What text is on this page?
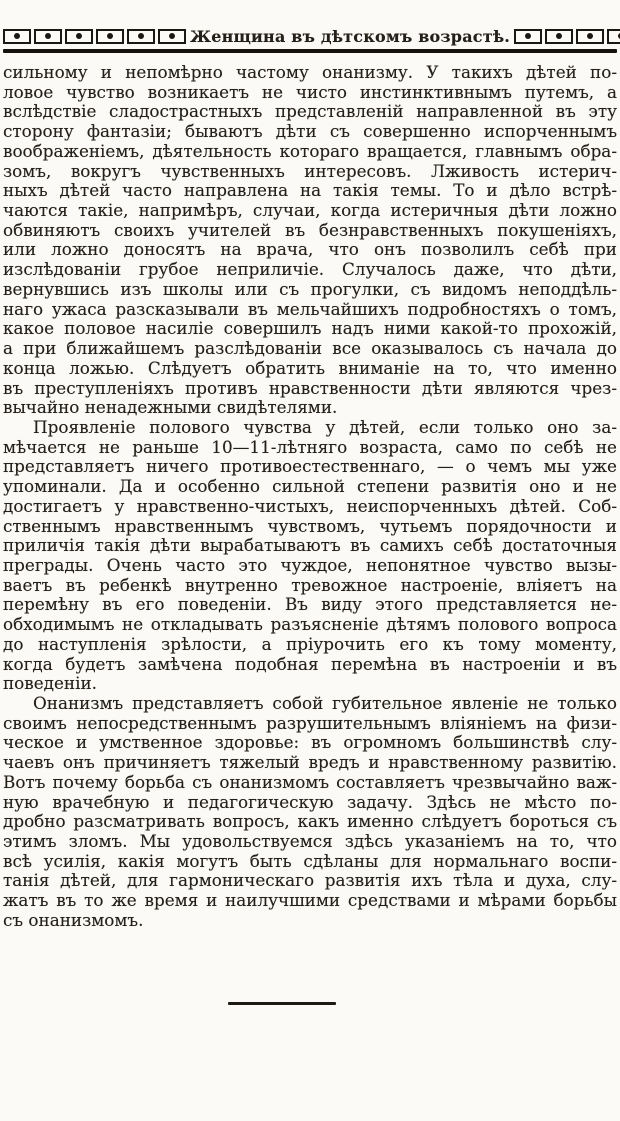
Женщина въ дѣтскомъ возрастѣ.
сильному и непомѣрно частому онанизму. У такихъ дѣтей по-
ловое чувство возникаетъ не чисто инстинктивнымъ путемъ, а
вслѣдствіе сладострастныхъ представленій направленной въ эту
сторону фантазіи; бываютъ дѣти съ совершенно испорченнымъ
воображеніемъ, дѣятельность котораго вращается, главнымъ обра-
зомъ, вокругъ чувственныхъ интересовъ. Лживость истерич-
ныхъ дѣтей часто направлена на такія темы. То и дѣло встрѣ-
чаются такіе, напримѣръ, случаи, когда истеричныя дѣти ложно
обвиняютъ своихъ учителей въ безнравственныхъ покушеніяхъ,
или ложно доносятъ на врача, что онъ позволилъ себѣ при
изслѣдованіи грубое неприличіе. Случалось даже, что дѣти,
вернувшись изъ школы или съ прогулки, съ видомъ неподдѣль-
наго ужаса разсказывали въ мельчайшихъ подробностяхъ о томъ,
какое половое насиліе совершилъ надъ ними какой-то прохожій,
а при ближайшемъ разслѣдованіи все оказывалось съ начала до
конца ложью. Слѣдуетъ обратить вниманіе на то, что именно
въ преступленіяхъ противъ нравственности дѣти являются чрез-
вычайно ненадежными свидѣтелями.
Проявленіе полового чувства у дѣтей, если только оно за-
мѣчается не раньше 10—11-лѣтняго возраста, само по себѣ не
представляетъ ничего противоестественнаго, — о чемъ мы уже
упоминали. Да и особенно сильной степени развитія оно и не
достигаетъ у нравственно-чистыхъ, неиспорченныхъ дѣтей. Соб-
ственнымъ нравственнымъ чувствомъ, чутьемъ порядочности и
приличія такія дѣти вырабатываютъ въ самихъ себѣ достаточныя
преграды. Очень часто это чуждое, непонятное чувство вызы-
ваетъ въ ребенкѣ внутренно тревожное настроеніе, вліяетъ на
перемѣну въ его поведеніи. Въ виду этого представляется не-
обходимымъ не откладывать разъясненіе дѣтямъ полового вопроса
до наступленія зрѣлости, а пріурочить его къ тому моменту,
когда будетъ замѣчена подобная перемѣна въ настроеніи и въ
поведеніи.
Онанизмъ представляетъ собой губительное явленіе не только
своимъ непосредственнымъ разрушительнымъ вліяніемъ на физи-
ческое и умственное здоровье: въ огромномъ большинствѣ слу-
чаевъ онъ причиняетъ тяжелый вредъ и нравственному развитію.
Вотъ почему борьба съ онанизмомъ составляетъ чрезвычайно важ-
ную врачебную и педагогическую задачу. Здѣсь не мѣсто по-
дробно разсматривать вопросъ, какъ именно слѣдуетъ бороться съ
этимъ зломъ. Мы удовольствуемся здѣсь указаніемъ на то, что
всѣ усилія, какія могутъ быть сдѣланы для нормальнаго воспи-
танія дѣтей, для гармоническаго развитія ихъ тѣла и духа, слу-
жатъ въ то же время и наилучшими средствами и мѣрами борьбы
съ онанизмомъ.
